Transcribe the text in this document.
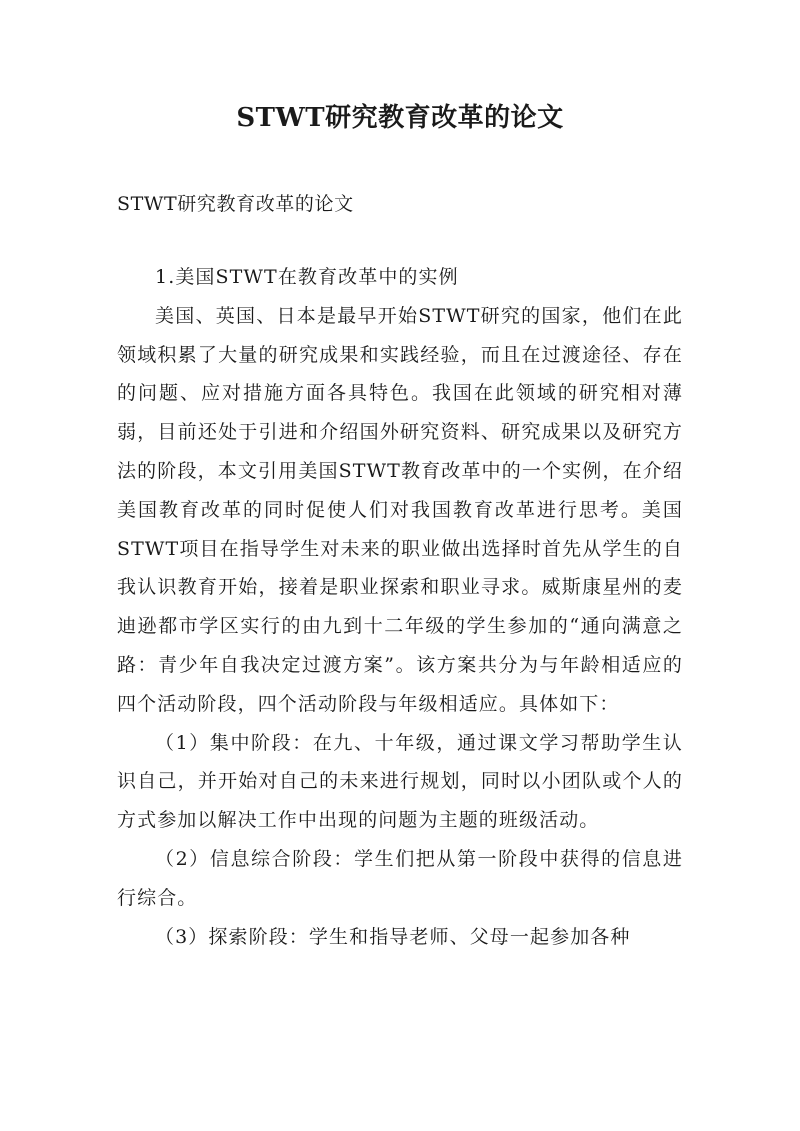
STWT研究教育改革的论文
STWT研究教育改革的论文

1.美国STWT在教育改革中的实例

美国、英国、日本是最早开始STWT研究的国家，他们在此领域积累了大量的研究成果和实践经验，而且在过渡途径、存在的问题、应对措施方面各具特色。我国在此领域的研究相对薄弱，目前还处于引进和介绍国外研究资料、研究成果以及研究方法的阶段，本文引用美国STWT教育改革中的一个实例，在介绍美国教育改革的同时促使人们对我国教育改革进行思考。美国STWT项目在指导学生对未来的职业做出选择时首先从学生的自我认识教育开始，接着是职业探索和职业寻求。威斯康星州的麦迪逊都市学区实行的由九到十二年级的学生参加的“通向满意之路：青少年自我决定过渡方案”。该方案共分为与年龄相适应的四个活动阶段，四个活动阶段与年级相适应。具体如下：

（1）集中阶段：在九、十年级，通过课文学习帮助学生认识自己，并开始对自己的未来进行规划，同时以小团队或个人的方式参加以解决工作中出现的问题为主题的班级活动。

（2）信息综合阶段：学生们把从第一阶段中获得的信息进行综合。

（3）探索阶段：学生和指导老师、父母一起参加各种
